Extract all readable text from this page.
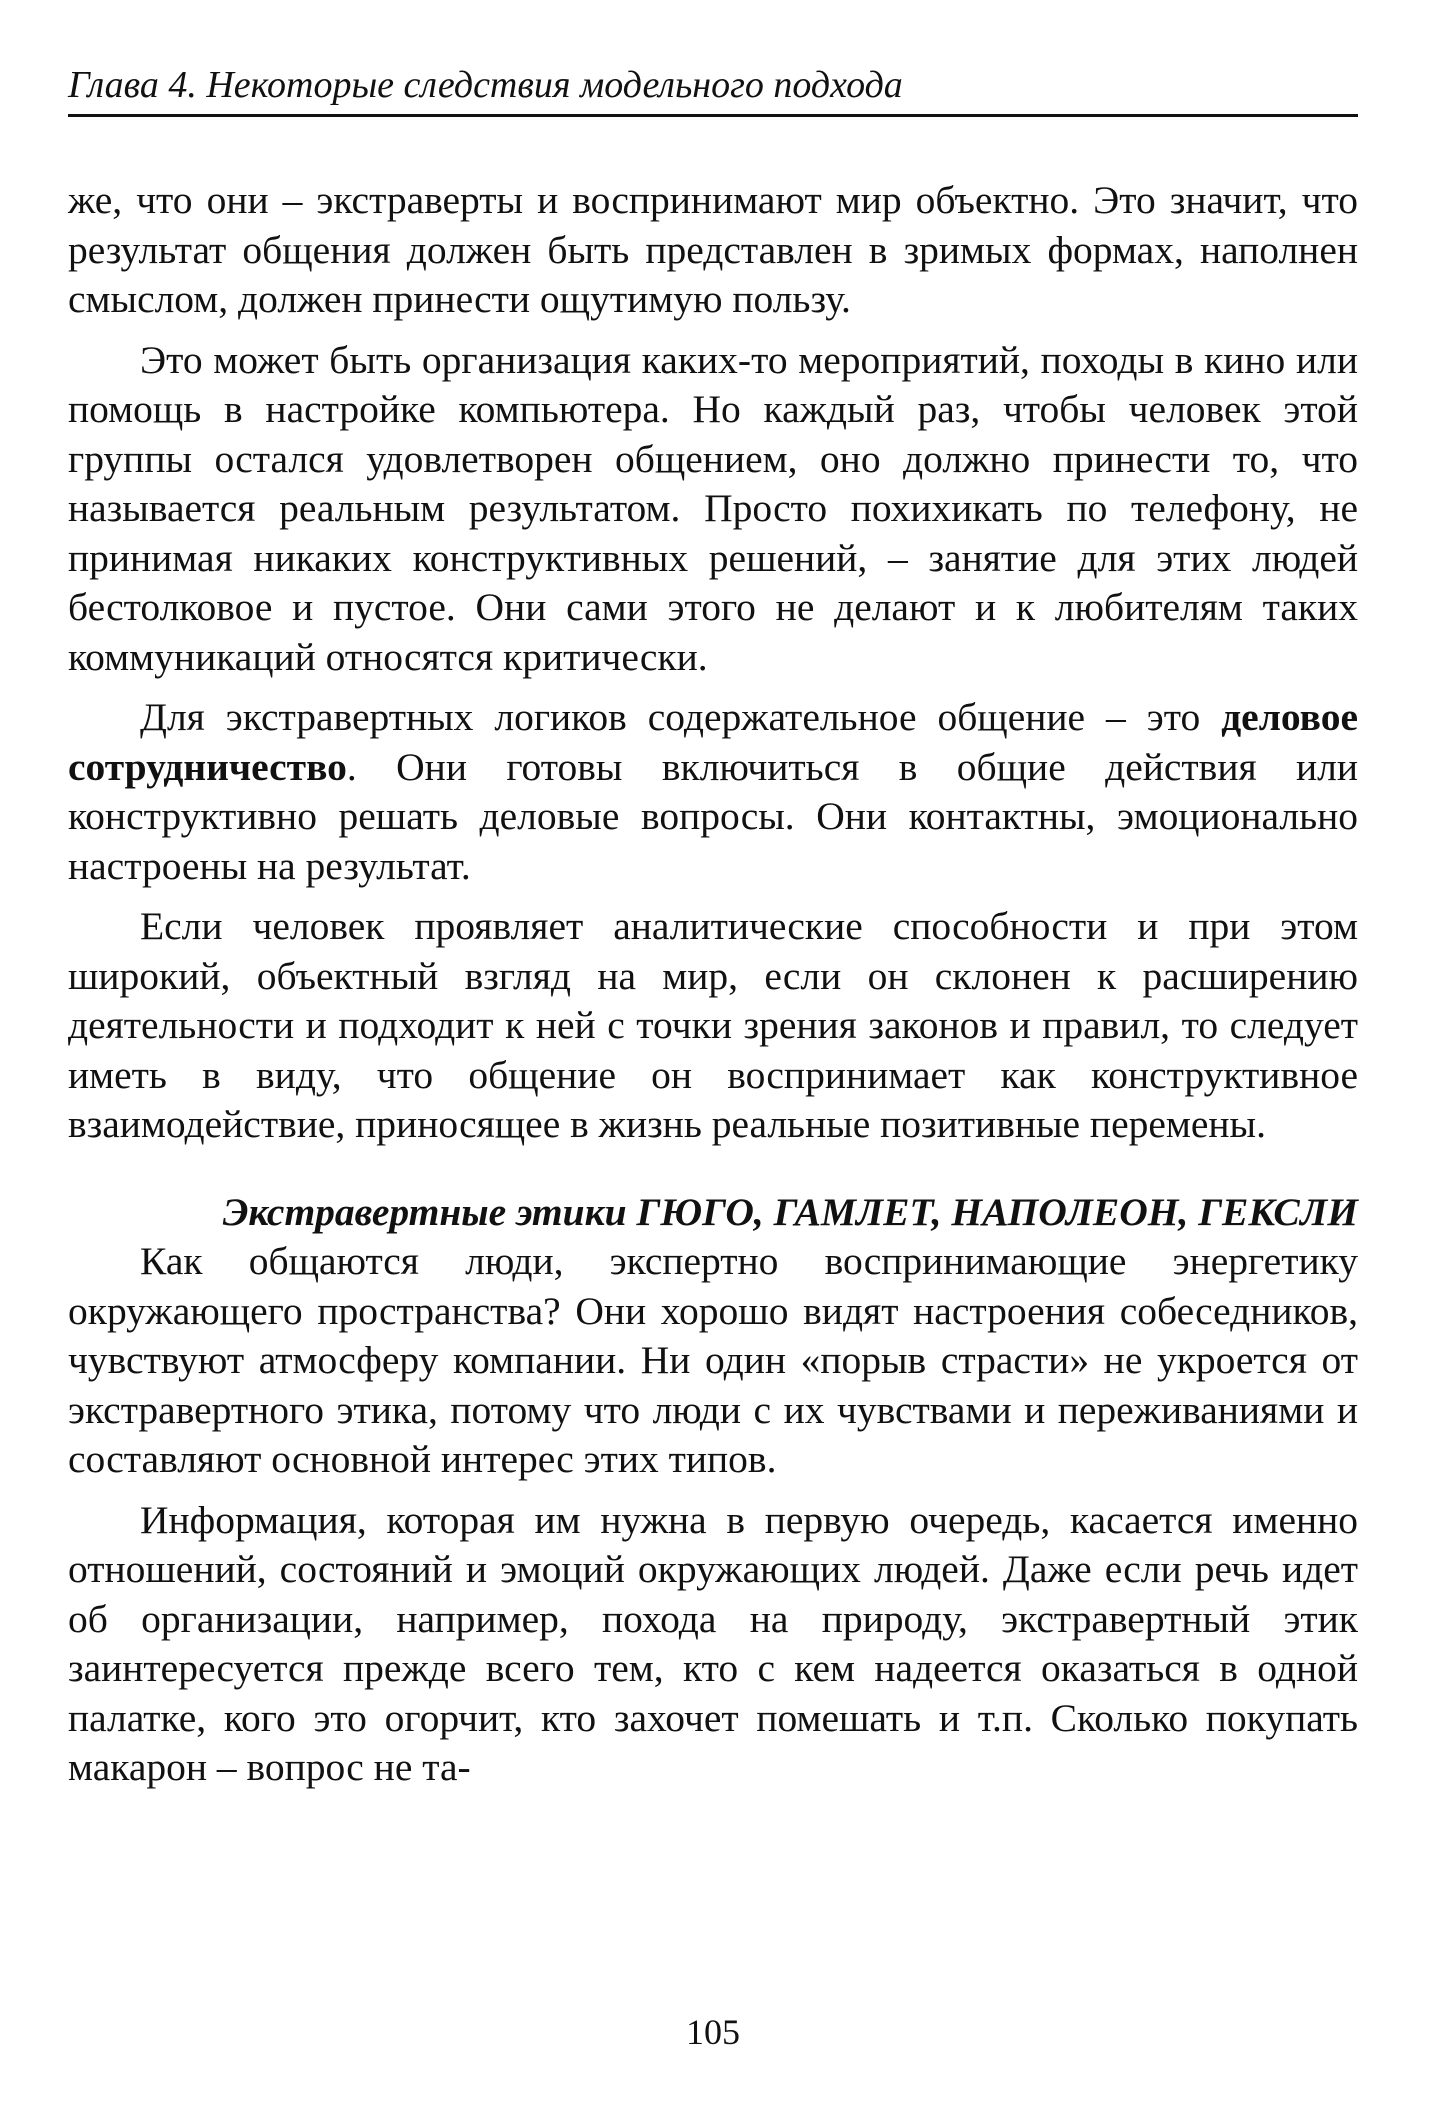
Глава 4. Некоторые следствия модельного подхода

же, что они – экстраверты и воспринимают мир объектно. Это значит, что результат общения должен быть представлен в зримых формах, наполнен смыслом, должен принести ощутимую пользу.

Это может быть организация каких-то мероприятий, походы в кино или помощь в настройке компьютера. Но каждый раз, чтобы человек этой группы остался удовлетворен общением, оно должно принести то, что называется реальным результатом. Просто похихикать по телефону, не принимая никаких конструктивных решений, – занятие для этих людей бестолковое и пустое. Они сами этого не делают и к любителям таких коммуникаций относятся критически.

Для экстравертных логиков содержательное общение – это деловое сотрудничество. Они готовы включиться в общие действия или конструктивно решать деловые вопросы. Они контактны, эмоционально настроены на результат.

Если человек проявляет аналитические способности и при этом широкий, объектный взгляд на мир, если он склонен к расширению деятельности и подходит к ней с точки зрения законов и правил, то следует иметь в виду, что общение он воспринимает как конструктивное взаимодействие, приносящее в жизнь реальные позитивные перемены.

Экстравертные этики ГЮГО, ГАМЛЕТ, НАПОЛЕОН, ГЕКСЛИ

Как общаются люди, экспертно воспринимающие энергетику окружающего пространства? Они хорошо видят настроения собеседников, чувствуют атмосферу компании. Ни один «порыв страсти» не укроется от экстравертного этика, потому что люди с их чувствами и переживаниями и составляют основной интерес этих типов.

Информация, которая им нужна в первую очередь, касается именно отношений, состояний и эмоций окружающих людей. Даже если речь идет об организации, например, похода на природу, экстравертный этик заинтересуется прежде всего тем, кто с кем надеется оказаться в одной палатке, кого это огорчит, кто захочет помешать и т.п. Сколько покупать макарон – вопрос не та-

105
